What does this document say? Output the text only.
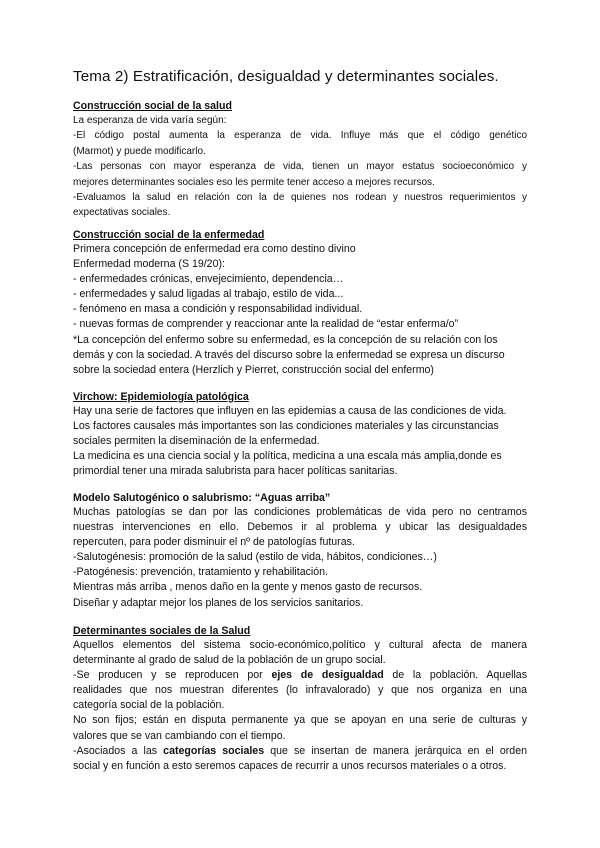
Tema 2) Estratificación, desigualdad y determinantes sociales.

Construcción social de la salud

La esperanza de vida varía según:

-El código postal aumenta la esperanza de vida. Influye más que el código genético

(Marmot) y puede modificarlo.

-Las personas con mayor esperanza de vida, tienen un mayor estatus socioeconómico y

mejores determinantes sociales eso les permite tener acceso a mejores recursos.

-Evaluamos la salud en relación con la de quienes nos rodean y nuestros requerimientos y

expectativas sociales.

Construcción social de la enfermedad

Primera concepción de enfermedad era como destino divino

Enfermedad moderna (S 19/20):

- enfermedades crónicas, envejecimiento, dependencia…

- enfermedades y salud ligadas al trabajo, estilo de vida...

- fenómeno en masa a condición y responsabilidad individual.

- nuevas formas de comprender y reaccionar ante la realidad de “estar enferma/o”

*La concepción del enfermo sobre su enfermedad, es la concepción de su relación con los

demás y con la sociedad. A través del discurso sobre la enfermedad se expresa un discurso

sobre la sociedad entera (Herzlich y Pierret, construcción social del enfermo)

Virchow: Epidemiología patológica

Hay una serie de factores que influyen en las epidemias a causa de las condiciones de vida.

Los factores causales más importantes son las condiciones materiales y las circunstancias

sociales permiten la diseminación de la enfermedad.

La medicina es una ciencia social y la política, medicina a una escala más amplia,donde es

primordial tener una mirada salubrista para hacer políticas sanitarias.

Modelo Salutogénico o salubrismo: “Aguas arriba”

Muchas patologías se dan por las condiciones problemáticas de vida pero no centramos

nuestras intervenciones en ello. Debemos ir al problema y ubicar las desigualdades

repercuten, para poder disminuir el nº de patologías futuras.

-Salutogénesis: promoción de la salud (estilo de vida, hábitos, condiciones…)

-Patogénesis: prevención, tratamiento y rehabilitación.

Mientras más arriba , menos daño en la gente y menos gasto de recursos.

Diseñar y adaptar mejor los planes de los servicios sanitarios.

Determinantes sociales de la Salud

Aquellos elementos del sistema socio-económico,político y cultural afecta de manera

determinante al grado de salud de la población de un grupo social.

-Se producen y se reproducen por ejes de desigualdad de la población. Aquellas

realidades que nos muestran diferentes (lo infravalorado) y que nos organiza en una

categoría social de la población.

No son fijos; están en disputa permanente ya que se apoyan en una serie de culturas y

valores que se van cambiando con el tiempo.

-Asociados a las categorías sociales que se insertan de manera jerárquica en el orden

social y en función a esto seremos capaces de recurrir a unos recursos materiales o a otros.
